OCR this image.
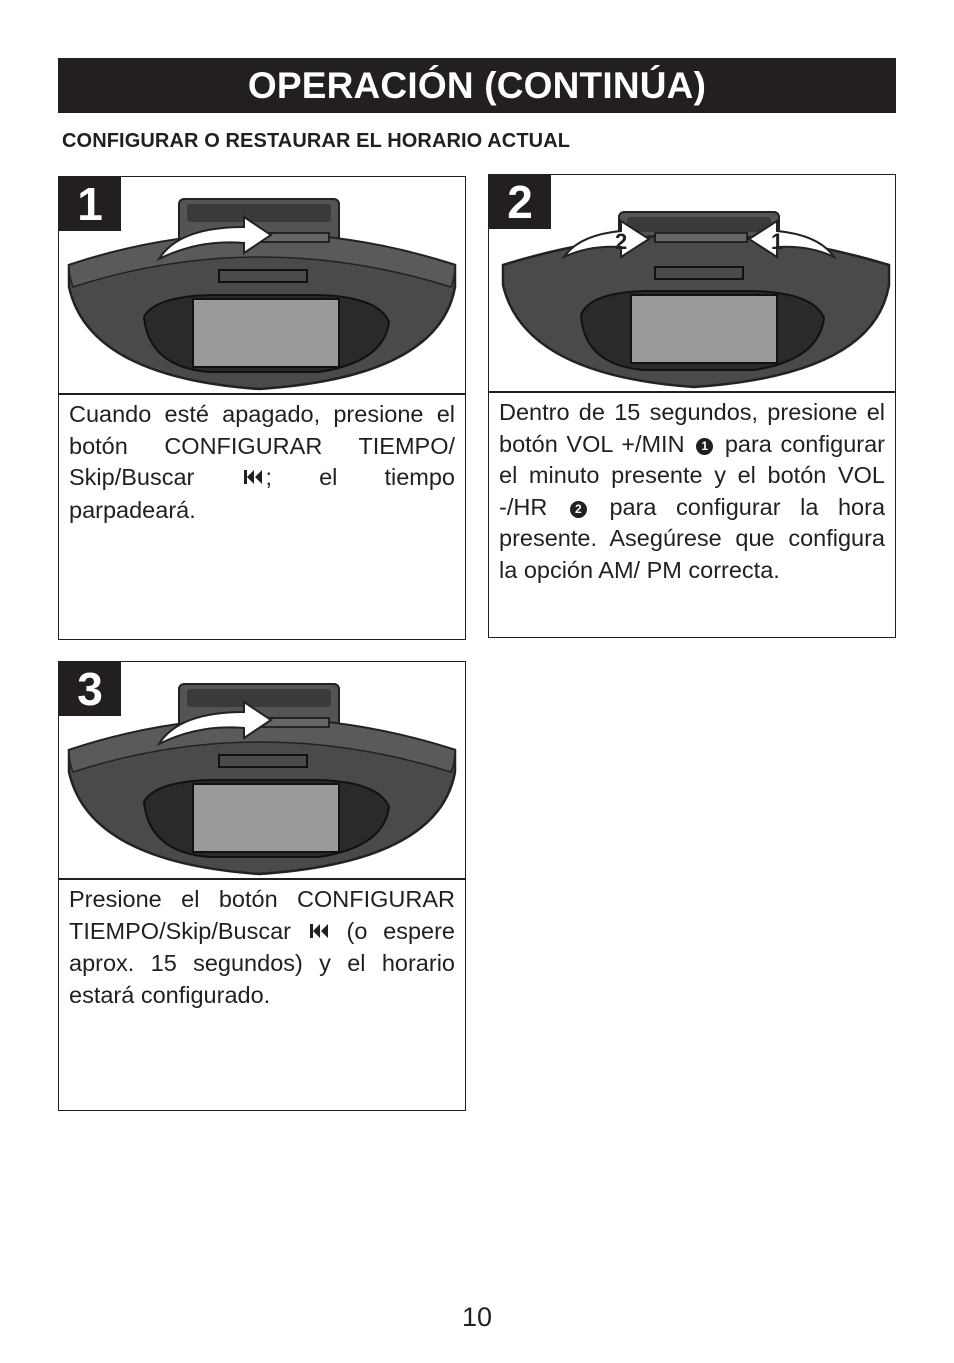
OPERACIÓN (CONTINÚA)
CONFIGURAR O RESTAURAR EL HORARIO ACTUAL
1
Cuando esté apagado, presione el botón CONFIGURAR TIEMPO/ Skip/Buscar	; el tiempo parpadeará.
2
2	1
Dentro de 15 segundos, presione el botón VOL +/MIN 1 para configurar el minuto presente y el botón VOL -/HR 2 para configurar la hora presente. Asegúrese que configura la opción AM/ PM correcta.
3
Presione el botón CONFIGURAR TIEMPO/Skip/Buscar (o espere aprox. 15 segundos) y el horario estará configurado.
10
